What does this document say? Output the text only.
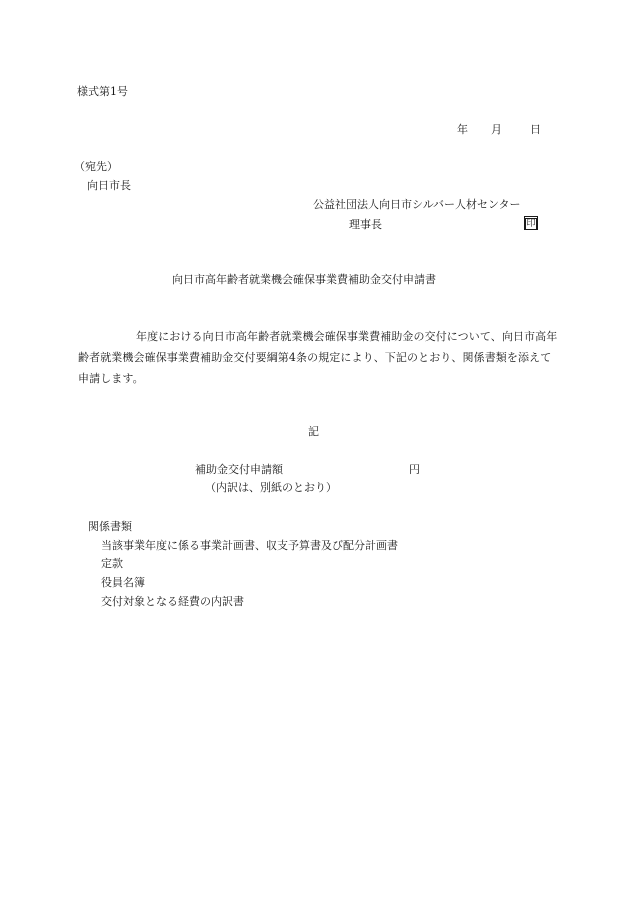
様式第1号
年	月	日
（宛先）
向日市長
公益社団法人向日市シルバー人材センター
理事長	印
向日市高年齢者就業機会確保事業費補助金交付申請書
年度における向日市高年齢者就業機会確保事業費補助金の交付について、向日市高年齢者就業機会確保事業費補助金交付要綱第4条の規定により、下記のとおり、関係書類を添えて申請します。
記
補助金交付申請額	円
（内訳は、別紙のとおり）
関係書類
当該事業年度に係る事業計画書、収支予算書及び配分計画書
定款
役員名簿
交付対象となる経費の内訳書
